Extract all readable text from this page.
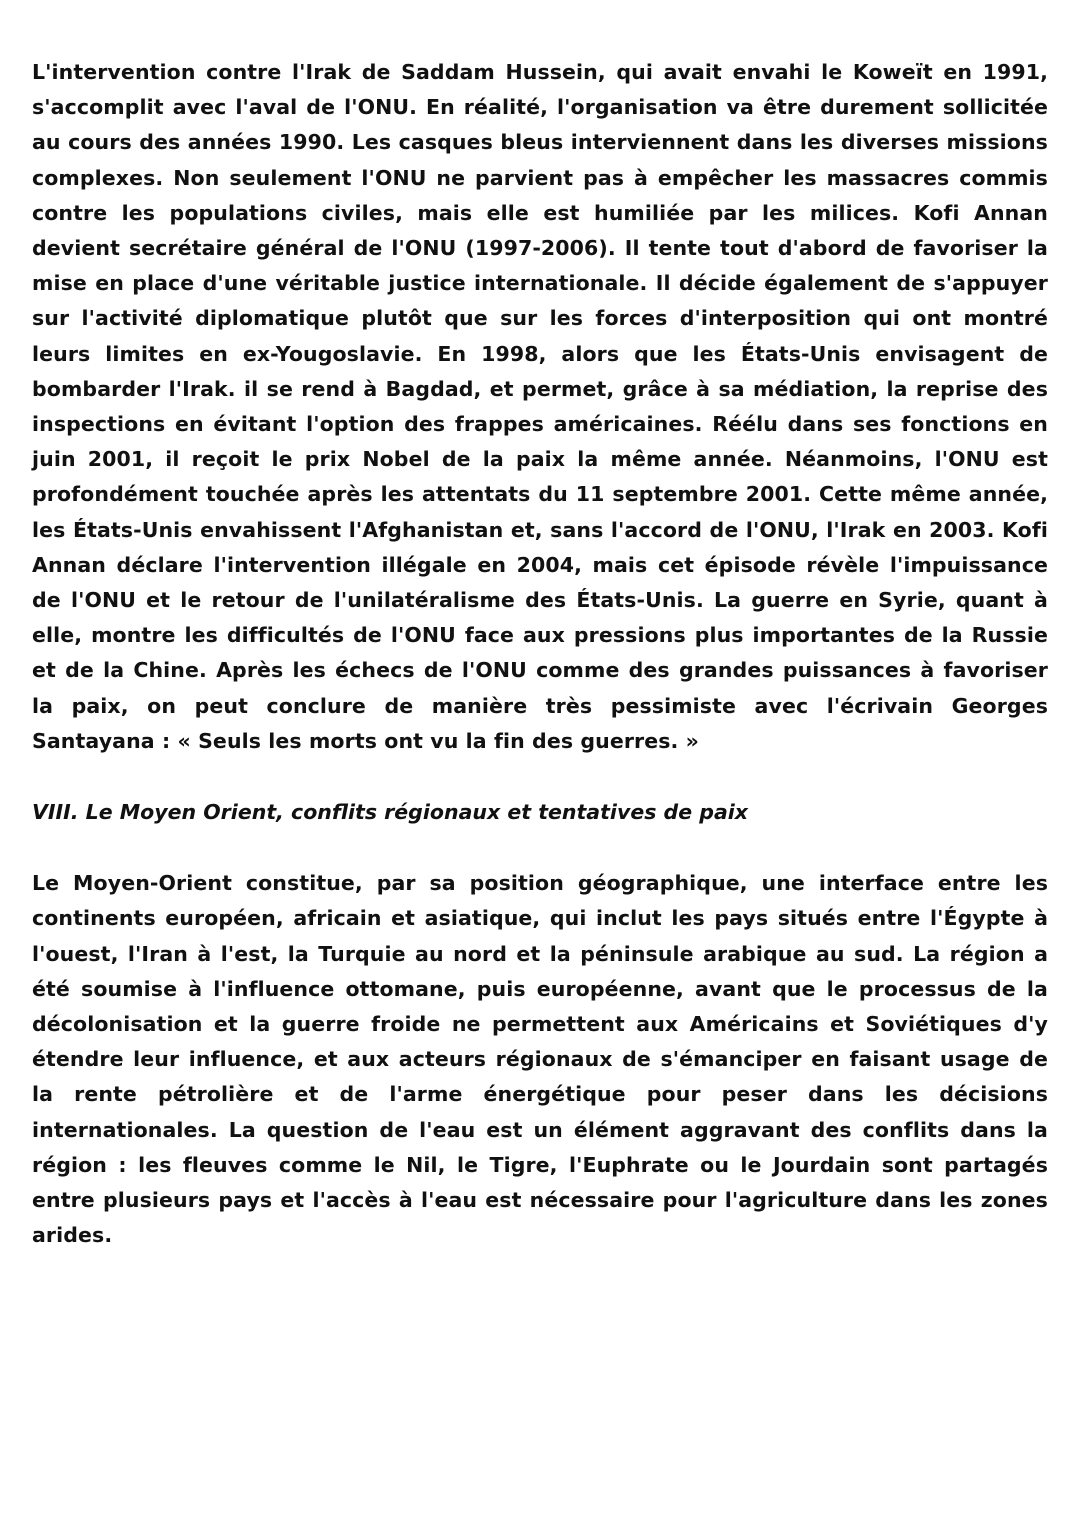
L'intervention contre l'Irak de Saddam Hussein, qui avait envahi le Koweït en 1991, s'accomplit avec l'aval de l'ONU. En réalité, l'organisation va être durement sollicitée au cours des années 1990. Les casques bleus interviennent dans les diverses missions complexes. Non seulement l'ONU ne parvient pas à empêcher les massacres commis contre les populations civiles, mais elle est humiliée par les milices. Kofi Annan devient secrétaire général de l'ONU (1997-2006). Il tente tout d'abord de favoriser la mise en place d'une véritable justice internationale. Il décide également de s'appuyer sur l'activité diplomatique plutôt que sur les forces d'interposition qui ont montré leurs limites en ex-Yougoslavie. En 1998, alors que les États-Unis envisagent de bombarder l'Irak. il se rend à Bagdad, et permet, grâce à sa médiation, la reprise des inspections en évitant l'option des frappes américaines. Réélu dans ses fonctions en juin 2001, il reçoit le prix Nobel de la paix la même année. Néanmoins, l'ONU est profondément touchée après les attentats du 11 septembre 2001. Cette même année, les États-Unis envahissent l'Afghanistan et, sans l'accord de l'ONU, l'Irak en 2003. Kofi Annan déclare l'intervention illégale en 2004, mais cet épisode révèle l'impuissance de l'ONU et le retour de l'unilatéralisme des États-Unis. La guerre en Syrie, quant à elle, montre les difficultés de l'ONU face aux pressions plus importantes de la Russie et de la Chine. Après les échecs de l'ONU comme des grandes puissances à favoriser la paix, on peut conclure de manière très pessimiste avec l'écrivain Georges Santayana : « Seuls les morts ont vu la fin des guerres. »

VIII. Le Moyen Orient, conflits régionaux et tentatives de paix

Le Moyen-Orient constitue, par sa position géographique, une interface entre les continents européen, africain et asiatique, qui inclut les pays situés entre l'Égypte à l'ouest, l'Iran à l'est, la Turquie au nord et la péninsule arabique au sud. La région a été soumise à l'influence ottomane, puis européenne, avant que le processus de la décolonisation et la guerre froide ne permettent aux Américains et Soviétiques d'y étendre leur influence, et aux acteurs régionaux de s'émanciper en faisant usage de la rente pétrolière et de l'arme énergétique pour peser dans les décisions internationales. La question de l'eau est un élément aggravant des conflits dans la région : les fleuves comme le Nil, le Tigre, l'Euphrate ou le Jourdain sont partagés entre plusieurs pays et l'accès à l'eau est nécessaire pour l'agriculture dans les zones arides.
